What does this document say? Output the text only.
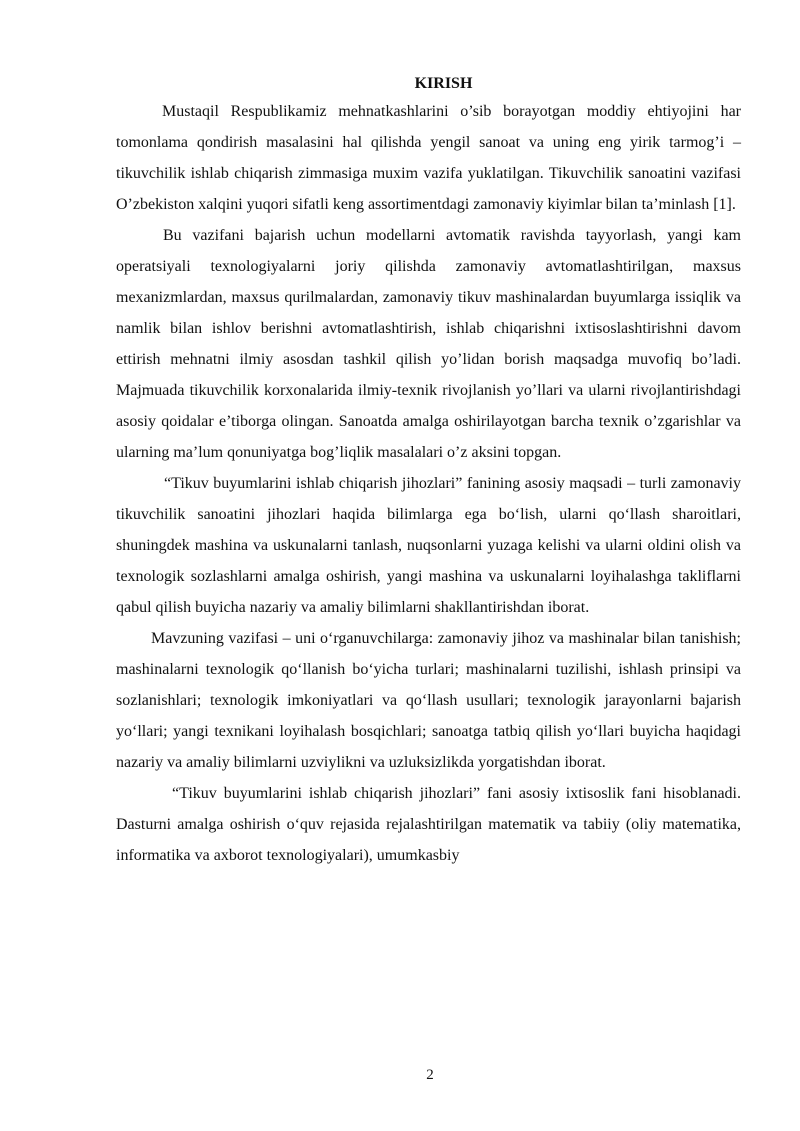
KIRISH

Mustaqil Respublikamiz mehnatkashlarini o’sib borayotgan moddiy ehtiyojini har tomonlama qondirish masalasini hal qilishda yengil sanoat va uning eng yirik tarmog’i – tikuvchilik ishlab chiqarish zimmasiga muxim vazifa yuklatilgan. Tikuvchilik sanoatini vazifasi O’zbekiston xalqini yuqori sifatli keng assortimentdagi zamonaviy kiyimlar bilan ta’minlash [1].

Bu vazifani bajarish uchun modellarni avtomatik ravishda tayyorlash, yangi kam operatsiyali texnologiyalarni joriy qilishda zamonaviy avtomatlashtirilgan, maxsus mexanizmlardan, maxsus qurilmalardan, zamonaviy tikuv mashinalardan buyumlarga issiqlik va namlik bilan ishlov berishni avtomatlashtirish, ishlab chiqarishni ixtisoslashtirishni davom ettirish mehnatni ilmiy asosdan tashkil qilish yo’lidan borish maqsadga muvofiq bo’ladi. Majmuada tikuvchilik korxonalarida ilmiy-texnik rivojlanish yo’llari va ularni rivojlantirishdagi asosiy qoidalar e’tiborga olingan. Sanoatda amalga oshirilayotgan barcha texnik o’zgarishlar va ularning ma’lum qonuniyatga bog’liqlik masalalari o’z aksini topgan.

“Tikuv buyumlarini ishlab chiqarish jihozlari” fanining asosiy maqsadi – turli zamonaviy tikuvchilik sanoatini jihozlari haqida bilimlarga ega bo‘lish, ularni qo‘llash sharoitlari, shuningdek mashina va uskunalarni tanlash, nuqsonlarni yuzaga kelishi va ularni oldini olish va texnologik sozlashlarni amalga oshirish, yangi mashina va uskunalarni loyihalashga takliflarni qabul qilish buyicha nazariy va amaliy bilimlarni shakllantirishdan iborat.

Mavzuning vazifasi – uni o‘rganuvchilarga: zamonaviy jihoz va mashinalar bilan tanishish; mashinalarni texnologik qo‘llanish bo‘yicha turlari; mashinalarni tuzilishi, ishlash prinsipi va sozlanishlari; texnologik imkoniyatlari va qo‘llash usullari; texnologik jarayonlarni bajarish yo‘llari; yangi texnikani loyihalash bosqichlari; sanoatga tatbiq qilish yo‘llari buyicha haqidagi nazariy va amaliy bilimlarni uzviylikni va uzluksizlikda yorgatishdan iborat.

“Tikuv buyumlarini ishlab chiqarish jihozlari” fani asosiy ixtisoslik fani hisoblanadi. Dasturni amalga oshirish o‘quv rejasida rejalashtirilgan matematik va tabiiy (oliy matematika, informatika va axborot texnologiyalari), umumkasbiy

2
